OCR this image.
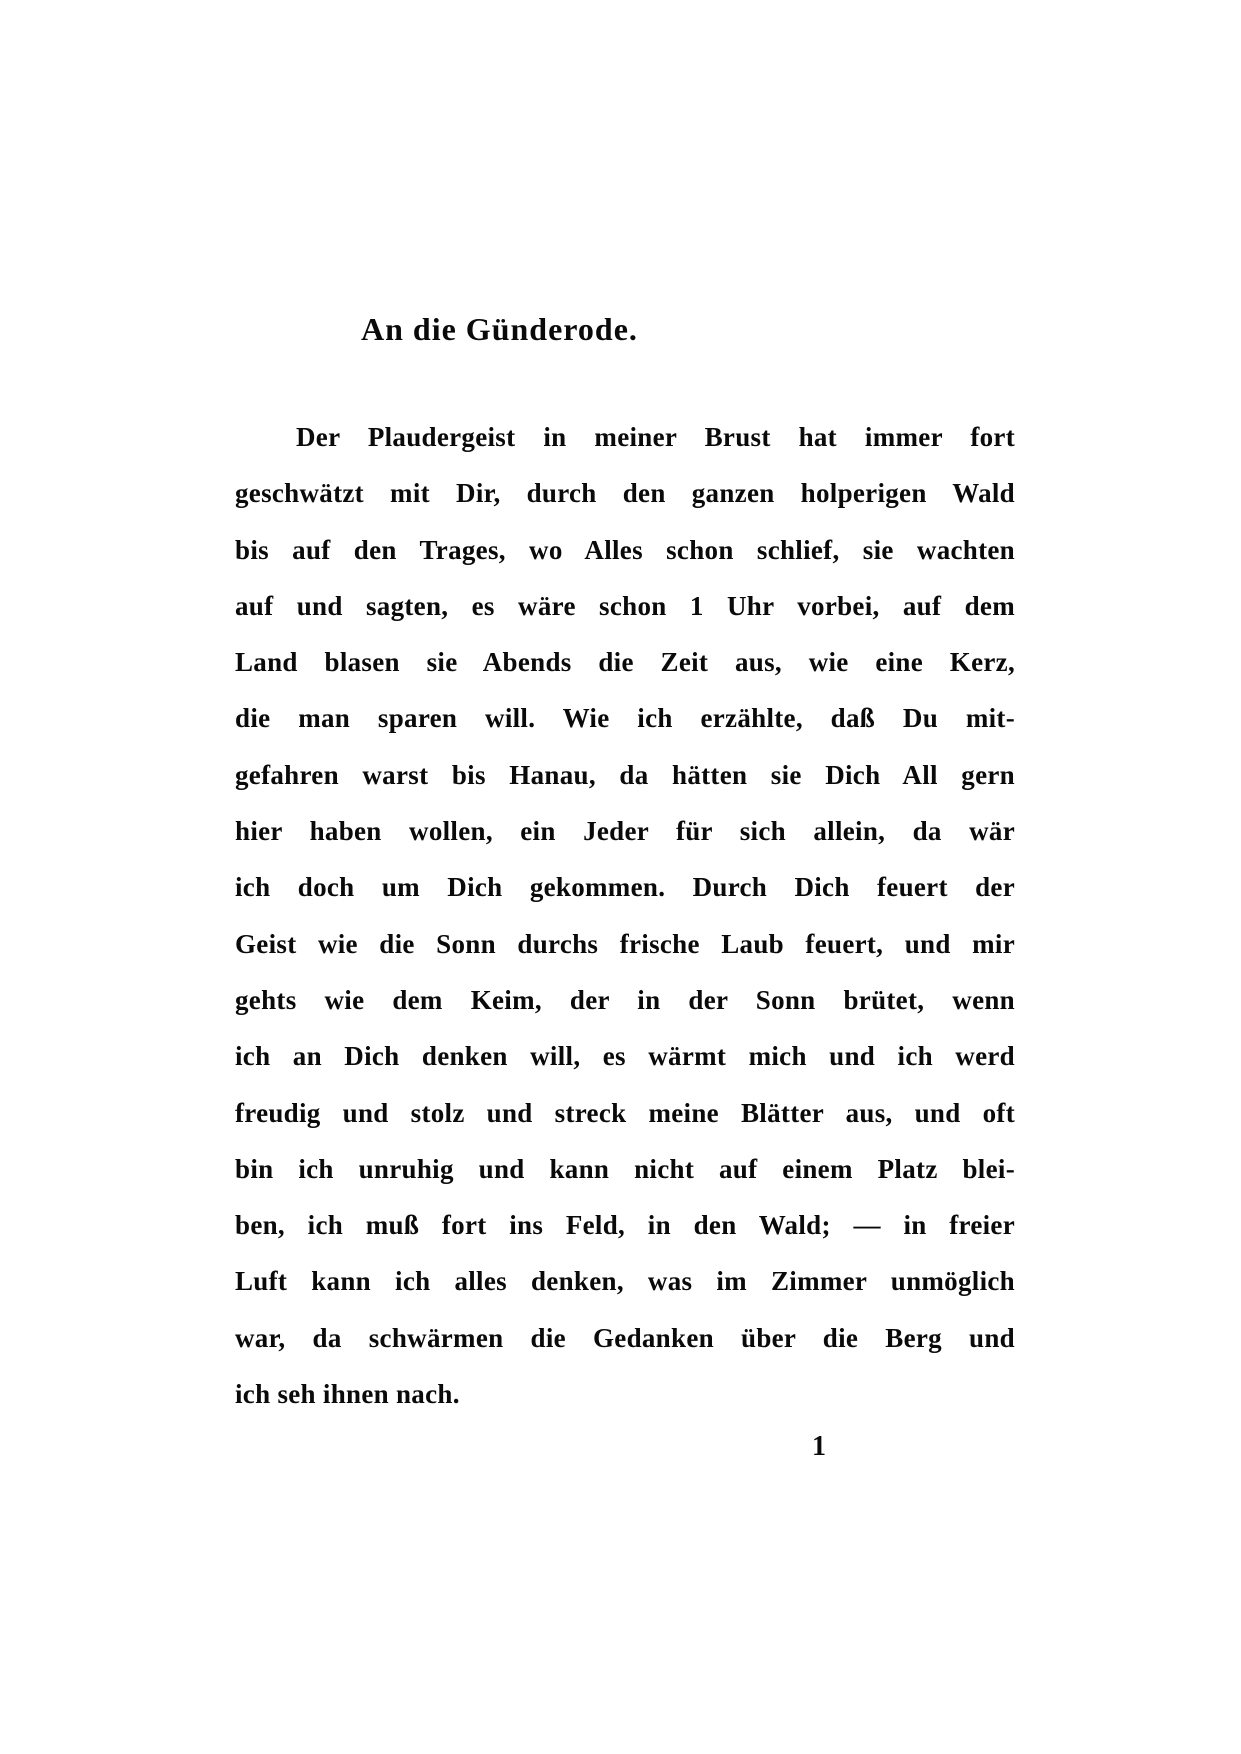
An die Günderode.
Der Plaudergeist in meiner Brust hat immer fort
geschwätzt mit Dir, durch den ganzen holperigen Wald
bis auf den Trages, wo Alles schon schlief, sie wachten
auf und sagten, es wäre schon 1 Uhr vorbei, auf dem
Land blasen sie Abends die Zeit aus, wie eine Kerz,
die man sparen will. Wie ich erzählte, daß Du mit-
gefahren warst bis Hanau, da hätten sie Dich All gern
hier haben wollen, ein Jeder für sich allein, da wär
ich doch um Dich gekommen. Durch Dich feuert der
Geist wie die Sonn durchs frische Laub feuert, und mir
gehts wie dem Keim, der in der Sonn brütet, wenn
ich an Dich denken will, es wärmt mich und ich werd
freudig und stolz und streck meine Blätter aus, und oft
bin ich unruhig und kann nicht auf einem Platz blei-
ben, ich muß fort ins Feld, in den Wald; — in freier
Luft kann ich alles denken, was im Zimmer unmöglich
war, da schwärmen die Gedanken über die Berg und
ich seh ihnen nach.
1
